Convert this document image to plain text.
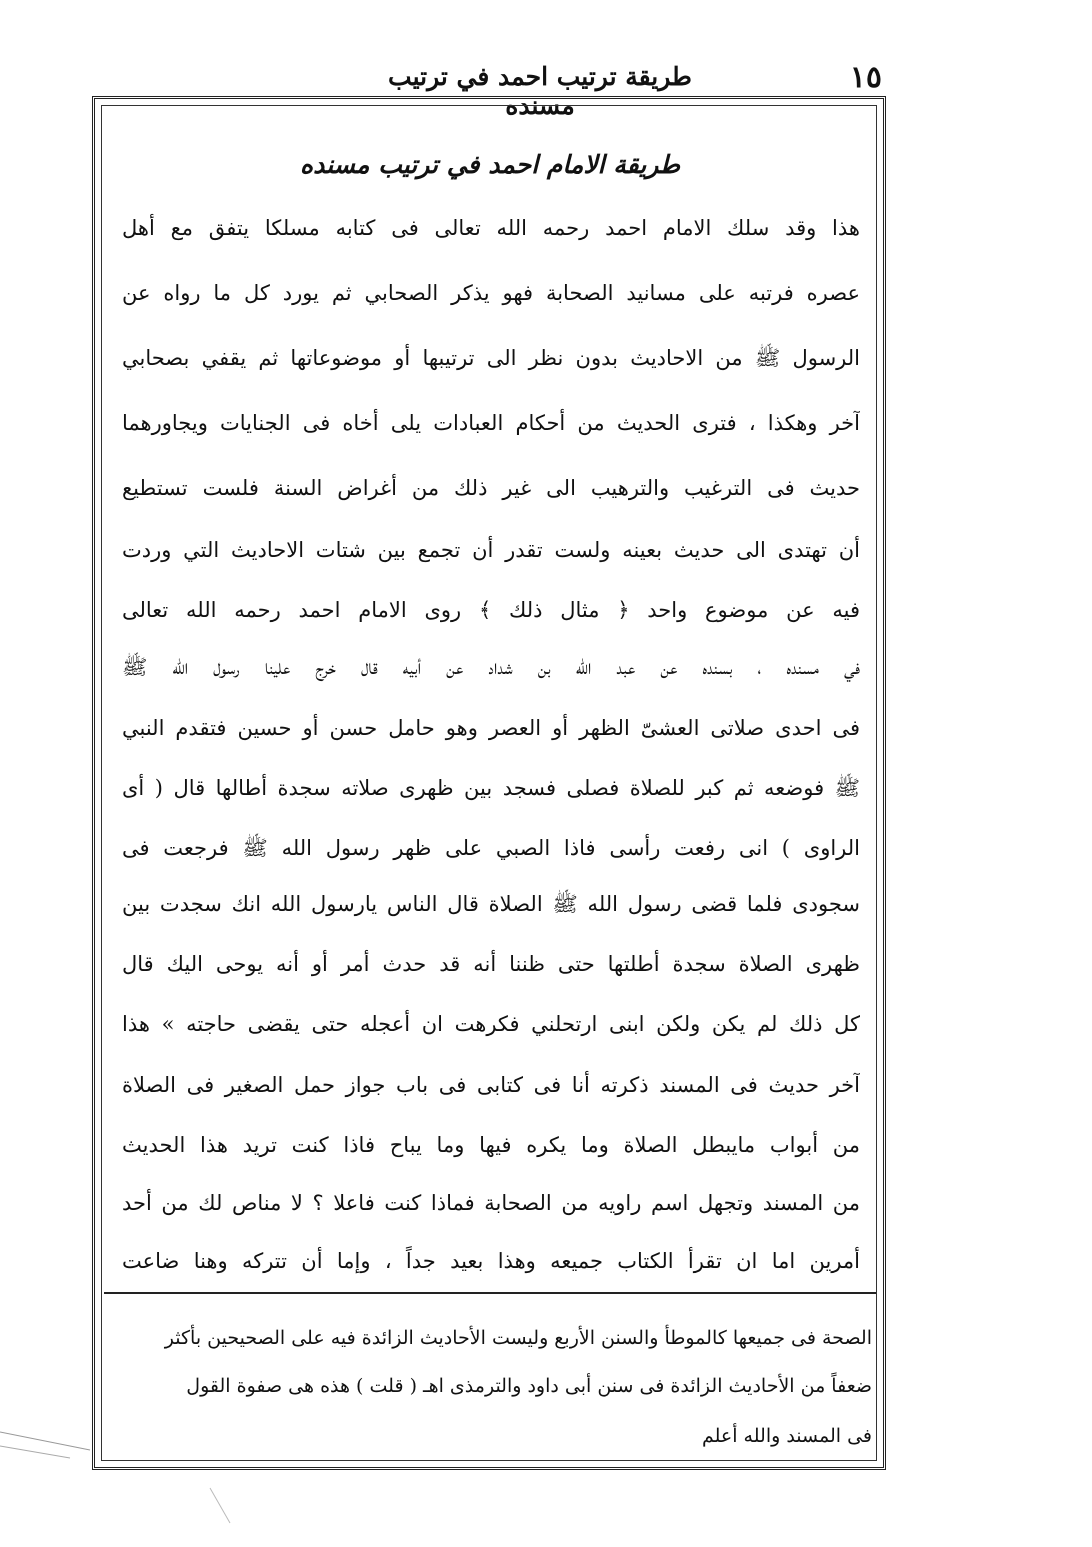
طريقة ترتيب احمد في ترتيب مسنده
١٥
طريقة الامام احمد في ترتيب مسنده
هذا وقد سلك الامام احمد رحمه الله تعالى فى كتابه مسلكا يتفق مع أهل
عصره فرتبه على مسانيد الصحابة فهو يذكر الصحابي ثم يورد كل ما رواه عن
الرسول ﷺ من الاحاديث بدون نظر الى ترتيبها أو موضوعاتها ثم يقفي بصحابي
آخر وهكذا ، فترى الحديث من أحكام العبادات يلى أخاه فى الجنايات ويجاورهما
حديث فى الترغيب والترهيب الى غير ذلك من أغراض السنة فلست تستطيع
أن تهتدى الى حديث بعينه ولست تقدر أن تجمع بين شتات الاحاديث التي وردت
فيه عن موضوع واحد ﴿ مثال ذلك ﴾ روى الامام احمد رحمه الله تعالى
في مسنده ، بسنده عن عبد الله بن شداد عن أبيه قال خرج علينا رسول الله ﷺ
فى احدى صلاتى العشىّ الظهر أو العصر وهو حامل حسن أو حسين فتقدم النبي
ﷺ فوضعه ثم كبر للصلاة فصلى فسجد بين ظهرى صلاته سجدة أطالها قال ( أى
الراوى ) انى رفعت رأسى فاذا الصبي على ظهر رسول الله ﷺ فرجعت فى
سجودى فلما قضى رسول الله ﷺ الصلاة قال الناس يارسول الله انك سجدت بين
ظهرى الصلاة سجدة أطلتها حتى ظننا أنه قد حدث أمر أو أنه يوحى اليك قال
كل ذلك لم يكن ولكن ابنى ارتحلني فكرهت ان أعجله حتى يقضى حاجته » هذا
آخر حديث فى المسند ذكرته أنا فى كتابى فى باب جواز حمل الصغير فى الصلاة
من أبواب مايبطل الصلاة وما يكره فيها وما يباح فاذا كنت تريد هذا الحديث
من المسند وتجهل اسم راويه من الصحابة فماذا كنت فاعلا ؟ لا مناص لك من أحد
أمرين اما ان تقرأ الكتاب جميعه وهذا بعيد جداً ، وإما أن تتركه وهنا ضاعت
الصحة فى جميعها كالموطأ والسنن الأربع وليست الأحاديث الزائدة فيه على الصحيحين بأكثر
ضعفاً من الأحاديث الزائدة فى سنن أبى داود والترمذى اهـ ( قلت ) هذه هى صفوة القول
فى المسند والله أعلم
